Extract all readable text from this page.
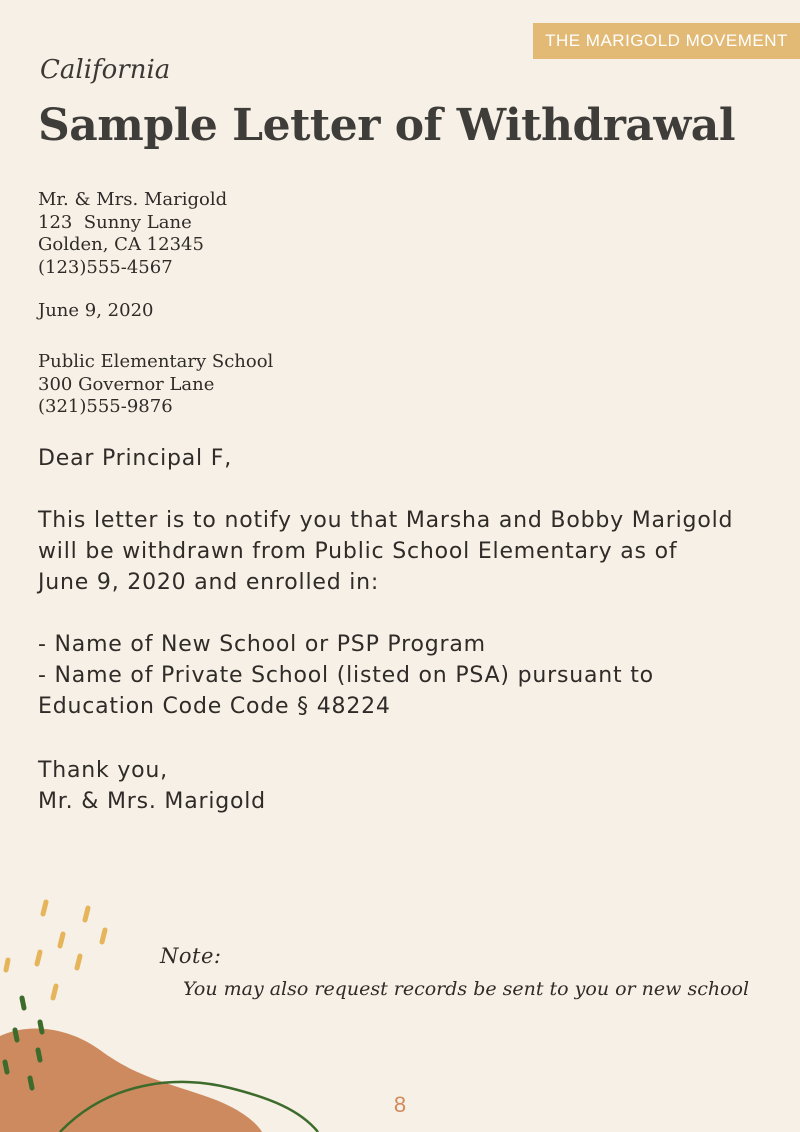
THE MARIGOLD MOVEMENT
California
Sample Letter of Withdrawal
Mr. & Mrs. Marigold
123  Sunny Lane
Golden, CA 12345
(123)555-4567
June 9, 2020
Public Elementary School
300 Governor Lane
(321)555-9876
Dear Principal F,
This letter is to notify you that Marsha and Bobby Marigold
will be withdrawn from Public School Elementary as of
June 9, 2020 and enrolled in:
- Name of New School or PSP Program
- Name of Private School (listed on PSA) pursuant to
Education Code Code § 48224
Thank you,
Mr. & Mrs. Marigold
Note:
You may also request records be sent to you or new school
8
